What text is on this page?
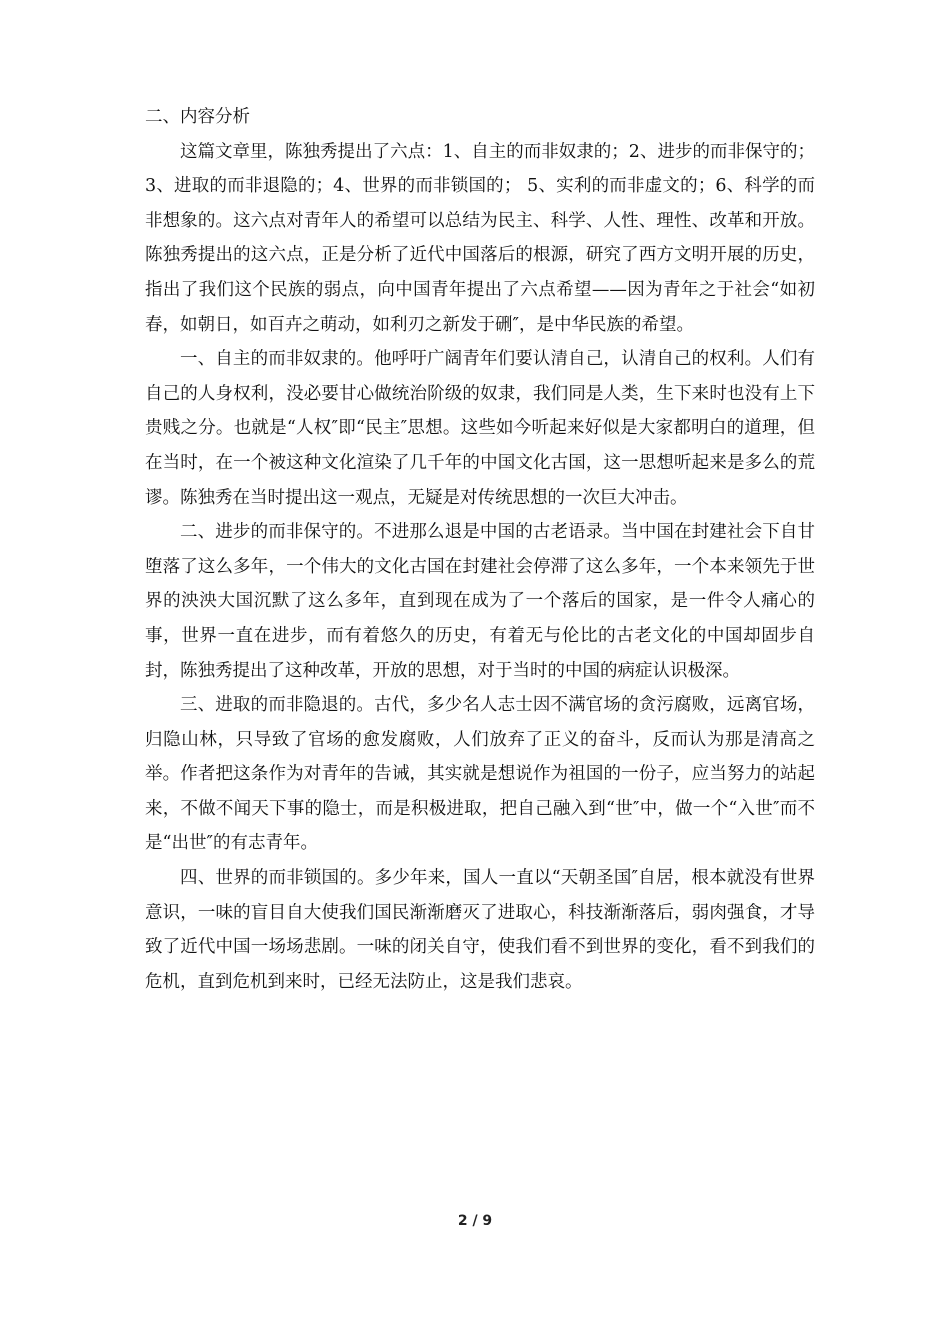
二、内容分析

这篇文章里，陈独秀提出了六点：1、自主的而非奴隶的；2、进步的而非保守的； 3、进取的而非退隐的；4、世界的而非锁国的； 5、实利的而非虚文的；6、科学的而非想象的。这六点对青年人的希望可以总结为民主、科学、人性、理性、改革和开放。陈独秀提出的这六点，正是分析了近代中国落后的根源，研究了西方文明开展的历史，指出了我们这个民族的弱点，向中国青年提出了六点希望——因为青年之于社会“如初春，如朝日，如百卉之萌动，如利刃之新发于硎″，是中华民族的希望。

一、自主的而非奴隶的。他呼吁广阔青年们要认清自己，认清自己的权利。人们有自己的人身权利，没必要甘心做统治阶级的奴隶，我们同是人类，生下来时也没有上下贵贱之分。也就是“人权″即“民主″思想。这些如今听起来好似是大家都明白的道理，但在当时，在一个被这种文化渲染了几千年的中国文化古国，这一思想听起来是多么的荒谬。陈独秀在当时提出这一观点，无疑是对传统思想的一次巨大冲击。

二、进步的而非保守的。不进那么退是中国的古老语录。当中国在封建社会下自甘堕落了这么多年，一个伟大的文化古国在封建社会停滞了这么多年，一个本来领先于世界的泱泱大国沉默了这么多年，直到现在成为了一个落后的国家，是一件令人痛心的事，世界一直在进步，而有着悠久的历史，有着无与伦比的古老文化的中国却固步自封，陈独秀提出了这种改革，开放的思想，对于当时的中国的病症认识极深。

三、进取的而非隐退的。古代，多少名人志士因不满官场的贪污腐败，远离官场，归隐山林，只导致了官场的愈发腐败，人们放弃了正义的奋斗，反而认为那是清高之举。作者把这条作为对青年的告诫，其实就是想说作为祖国的一份子，应当努力的站起来，不做不闻天下事的隐士，而是积极进取，把自己融入到“世″中，做一个“入世″而不是“出世″的有志青年。

四、世界的而非锁国的。多少年来，国人一直以“天朝圣国″自居，根本就没有世界意识，一味的盲目自大使我们国民渐渐磨灭了进取心，科技渐渐落后，弱肉强食，才导致了近代中国一场场悲剧。一味的闭关自守，使我们看不到世界的变化，看不到我们的危机，直到危机到来时，已经无法防止，这是我们悲哀。

2 / 9
